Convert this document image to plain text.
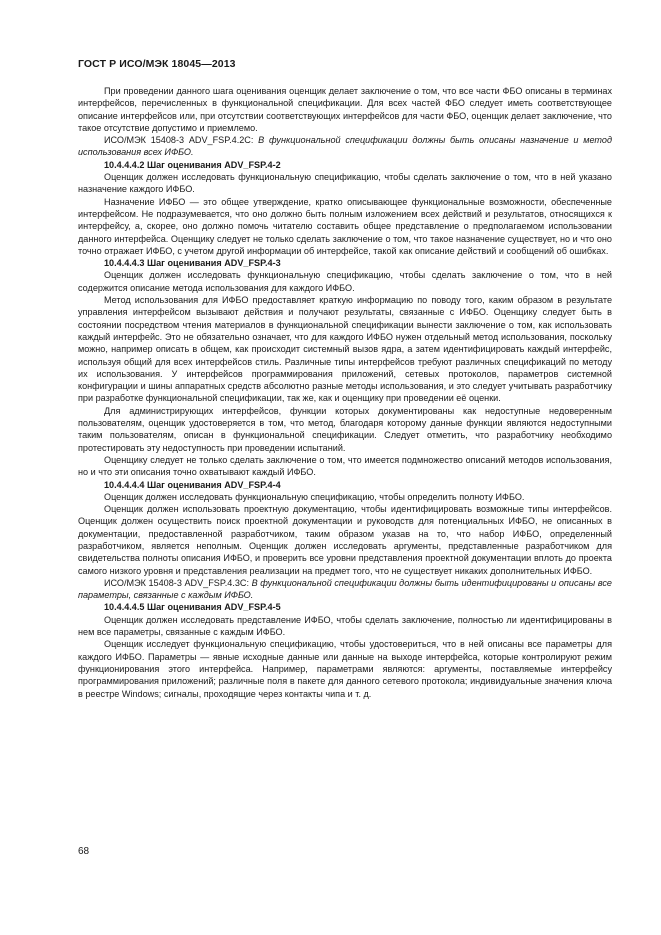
ГОСТ Р ИСО/МЭК 18045—2013

При проведении данного шага оценивания оценщик делает заключение о том, что все части ФБО описаны в терминах интерфейсов, перечисленных в функциональной спецификации. Для всех частей ФБО следует иметь соответствующее описание интерфейсов или, при отсутствии соответствующих интерфейсов для части ФБО, оценщик делает заключение, что такое отсутствие допустимо и приемлемо.

ИСО/МЭК 15408-3 ADV_FSP.4.2C: В функциональной спецификации должны быть описаны назначение и метод использования всех ИФБО.

10.4.4.4.2 Шаг оценивания ADV_FSP.4-2

Оценщик должен исследовать функциональную спецификацию, чтобы сделать заключение о том, что в ней указано назначение каждого ИФБО.

Назначение ИФБО — это общее утверждение, кратко описывающее функциональные возможности, обеспеченные интерфейсом. Не подразумевается, что оно должно быть полным изложением всех действий и результатов, относящихся к интерфейсу, а, скорее, оно должно помочь читателю составить общее представление о предполагаемом использовании данного интерфейса. Оценщику следует не только сделать заключение о том, что такое назначение существует, но и что оно точно отражает ИФБО, с учетом другой информации об интерфейсе, такой как описание действий и сообщений об ошибках.

10.4.4.4.3 Шаг оценивания ADV_FSP.4-3

Оценщик должен исследовать функциональную спецификацию, чтобы сделать заключение о том, что в ней содержится описание метода использования для каждого ИФБО.

Метод использования для ИФБО предоставляет краткую информацию по поводу того, каким образом в результате управления интерфейсом вызывают действия и получают результаты, связанные с ИФБО. Оценщику следует быть в состоянии посредством чтения материалов в функциональной спецификации вынести заключение о том, как использовать каждый интерфейс. Это не обязательно означает, что для каждого ИФБО нужен отдельный метод использования, поскольку можно, например описать в общем, как происходит системный вызов ядра, а затем идентифицировать каждый интерфейс, используя общий для всех интерфейсов стиль. Различные типы интерфейсов требуют различных спецификаций по методу их использования. У интерфейсов программирования приложений, сетевых протоколов, параметров системной конфигурации и шины аппаратных средств абсолютно разные методы использования, и это следует учитывать разработчику при разработке функциональной спецификации, так же, как и оценщику при проведении её оценки.

Для администрирующих интерфейсов, функции которых документированы как недоступные недоверенным пользователям, оценщик удостоверяется в том, что метод, благодаря которому данные функции являются недоступными таким пользователям, описан в функциональной спецификации. Следует отметить, что разработчику необходимо протестировать эту недоступность при проведении испытаний.

Оценщику следует не только сделать заключение о том, что имеется подмножество описаний методов использования, но и что эти описания точно охватывают каждый ИФБО.

10.4.4.4.4 Шаг оценивания ADV_FSP.4-4

Оценщик должен исследовать функциональную спецификацию, чтобы определить полноту ИФБО.

Оценщик должен использовать проектную документацию, чтобы идентифицировать возможные типы интерфейсов. Оценщик должен осуществить поиск проектной документации и руководств для потенциальных ИФБО, не описанных в документации, предоставленной разработчиком, таким образом указав на то, что набор ИФБО, определенный разработчиком, является неполным. Оценщик должен исследовать аргументы, представленные разработчиком для свидетельства полноты описания ИФБО, и проверить все уровни представления проектной документации вплоть до проекта самого низкого уровня и представления реализации на предмет того, что не существует никаких дополнительных ИФБО.

ИСО/МЭК 15408-3 ADV_FSP.4.3C: В функциональной спецификации должны быть идентифицированы и описаны все параметры, связанные с каждым ИФБО.

10.4.4.4.5 Шаг оценивания ADV_FSP.4-5

Оценщик должен исследовать представление ИФБО, чтобы сделать заключение, полностью ли идентифицированы в нем все параметры, связанные с каждым ИФБО.

Оценщик исследует функциональную спецификацию, чтобы удостовериться, что в ней описаны все параметры для каждого ИФБО. Параметры — явные исходные данные или данные на выходе интерфейса, которые контролируют режим функционирования этого интерфейса. Например, параметрами являются: аргументы, поставляемые интерфейсу программирования приложений; различные поля в пакете для данного сетевого протокола; индивидуальные значения ключа в реестре Windows; сигналы, проходящие через контакты чипа и т. д.

68
